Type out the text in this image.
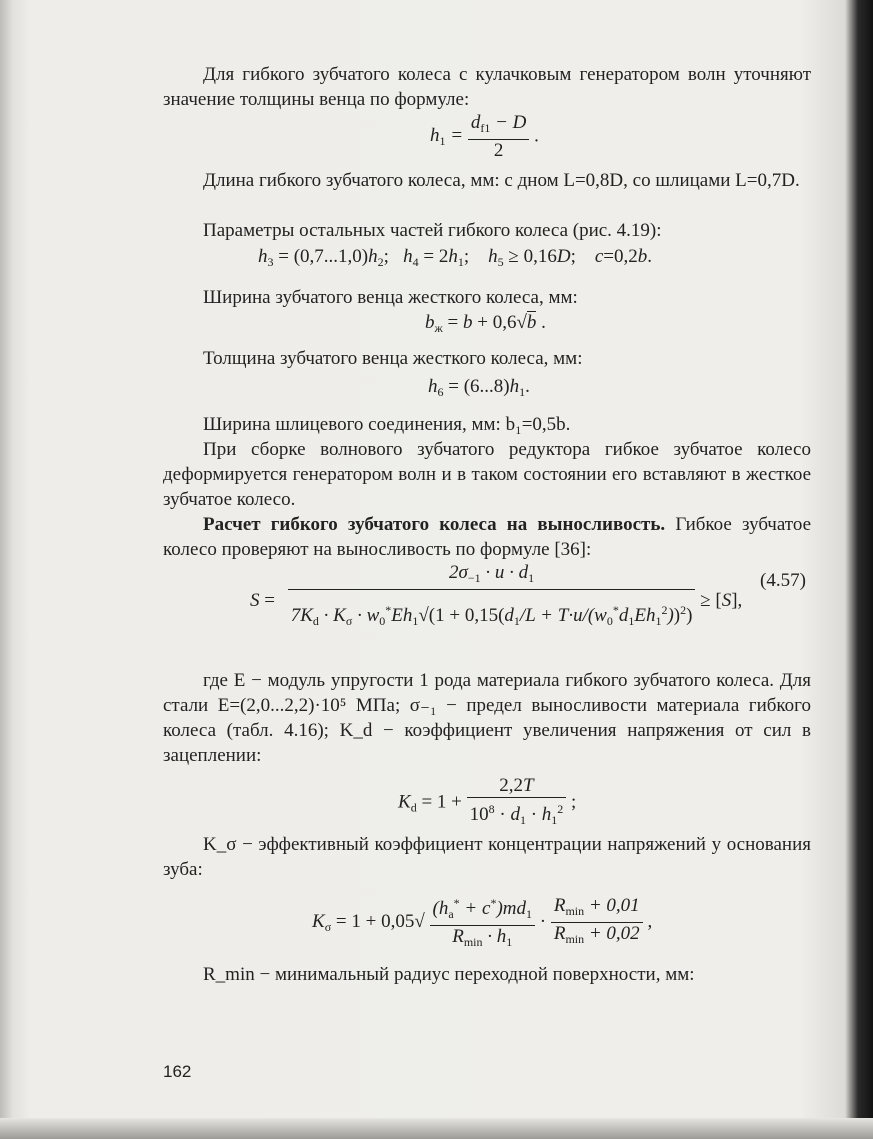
Для гибкого зубчатого колеса с кулачковым генератором волн уточняют значение толщины венца по формуле:
$h_1 = \frac{d_{f1} - D}{2}$ .
Длина гибкого зубчатого колеса, мм: с дном L=0,8D, со шлицами L=0,7D.
Параметры остальных частей гибкого колеса (рис. 4.19):
$h_3 = (0,7...1,0)h_2$;   $h_4 = 2h_1$;    $h_5 \ge 0,16D$;    c=0,2b.
Ширина зубчатого венца жесткого колеса, мм:
$b_ж = b + 0,6√b$ .
Толщина зубчатого венца жесткого колеса, мм:
$h_6 = (6...8)h_1$.
Ширина шлицевого соединения, мм: b₁=0,5b.
При сборке волнового зубчатого редуктора гибкое зубчатое колесо деформируется генератором волн и в таком состоянии его вставляют в жесткое зубчатое колесо.
Расчет гибкого зубчатого колеса на выносливость. Гибкое зубчатое колесо проверяют на выносливость по формуле [36]:
$S = \frac{2\sigma_{-1} \cdot u \cdot d_1}{7K_d \cdot K_\sigma \cdot w_0^*Eh_1√(1 + 0,15(d_1/L + T\cdot u/(w_0^*d_1Eh_1^2))^2)} \ge [S]$,
(4.57)
где E − модуль упругости 1 рода материала гибкого зубчатого колеса. Для стали E=(2,0...2,2)·10⁵ МПа; σ₋₁ − предел выносливости материала гибкого колеса (табл. 4.16); K_d − коэффициент увеличения напряжения от сил в зацеплении:
$K_d = 1 + \frac{2,2T}{10^8 \cdot d_1 \cdot h_1^2}$ ;
K_σ − эффективный коэффициент концентрации напряжений у основания зуба:
$K_\sigma = 1 + 0,05√ \frac{(h_a^* + c^*)md_1}{R_{min} \cdot h_1} \cdot \frac{R_{min} + 0,01}{R_{min} + 0,02}$ ,
R_min − минимальный радиус переходной поверхности, мм:
162
